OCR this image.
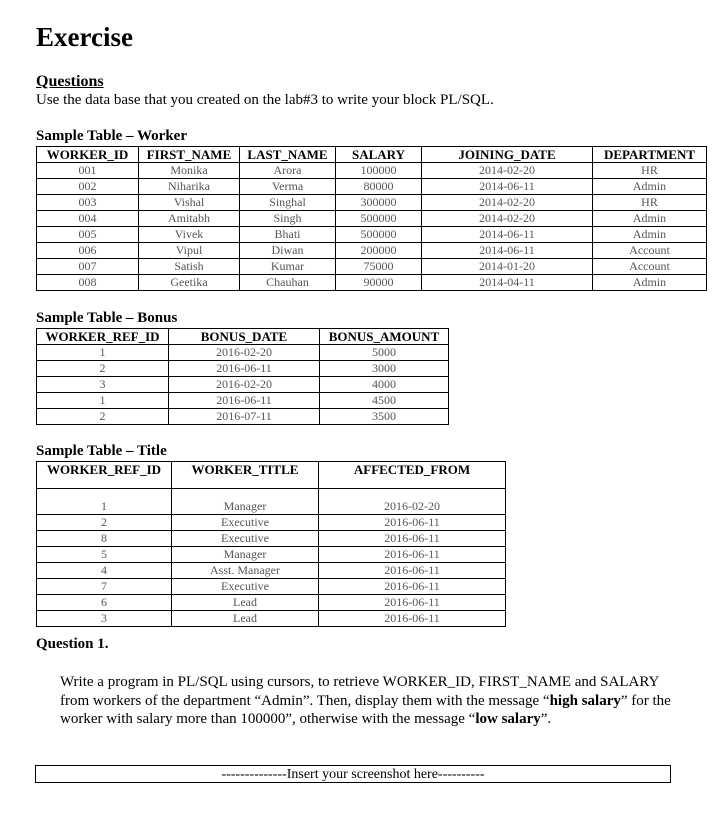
Exercise
Questions
Use the data base that you created on the lab#3 to write your block PL/SQL.
Sample Table – Worker
WORKER_ID	FIRST_NAME	LAST_NAME	SALARY	JOINING_DATE	DEPARTMENT
001	Monika	Arora	100000	2014-02-20	HR
002	Niharika	Verma	80000	2014-06-11	Admin
003	Vishal	Singhal	300000	2014-02-20	HR
004	Amitabh	Singh	500000	2014-02-20	Admin
005	Vivek	Bhati	500000	2014-06-11	Admin
006	Vipul	Diwan	200000	2014-06-11	Account
007	Satish	Kumar	75000	2014-01-20	Account
008	Geetika	Chauhan	90000	2014-04-11	Admin
Sample Table – Bonus
WORKER_REF_ID	BONUS_DATE	BONUS_AMOUNT
1	2016-02-20	5000
2	2016-06-11	3000
3	2016-02-20	4000
1	2016-06-11	4500
2	2016-07-11	3500
Sample Table – Title
WORKER_REF_ID	WORKER_TITLE	AFFECTED_FROM
1	Manager	2016-02-20
2	Executive	2016-06-11
8	Executive	2016-06-11
5	Manager	2016-06-11
4	Asst. Manager	2016-06-11
7	Executive	2016-06-11
6	Lead	2016-06-11
3	Lead	2016-06-11
Question 1.
Write a program in PL/SQL using cursors, to retrieve WORKER_ID, FIRST_NAME and SALARY from workers of the department “Admin”. Then, display them with the message “high salary” for the worker with salary more than 100000”, otherwise with the message “low salary”.
--------------Insert your screenshot here----------
